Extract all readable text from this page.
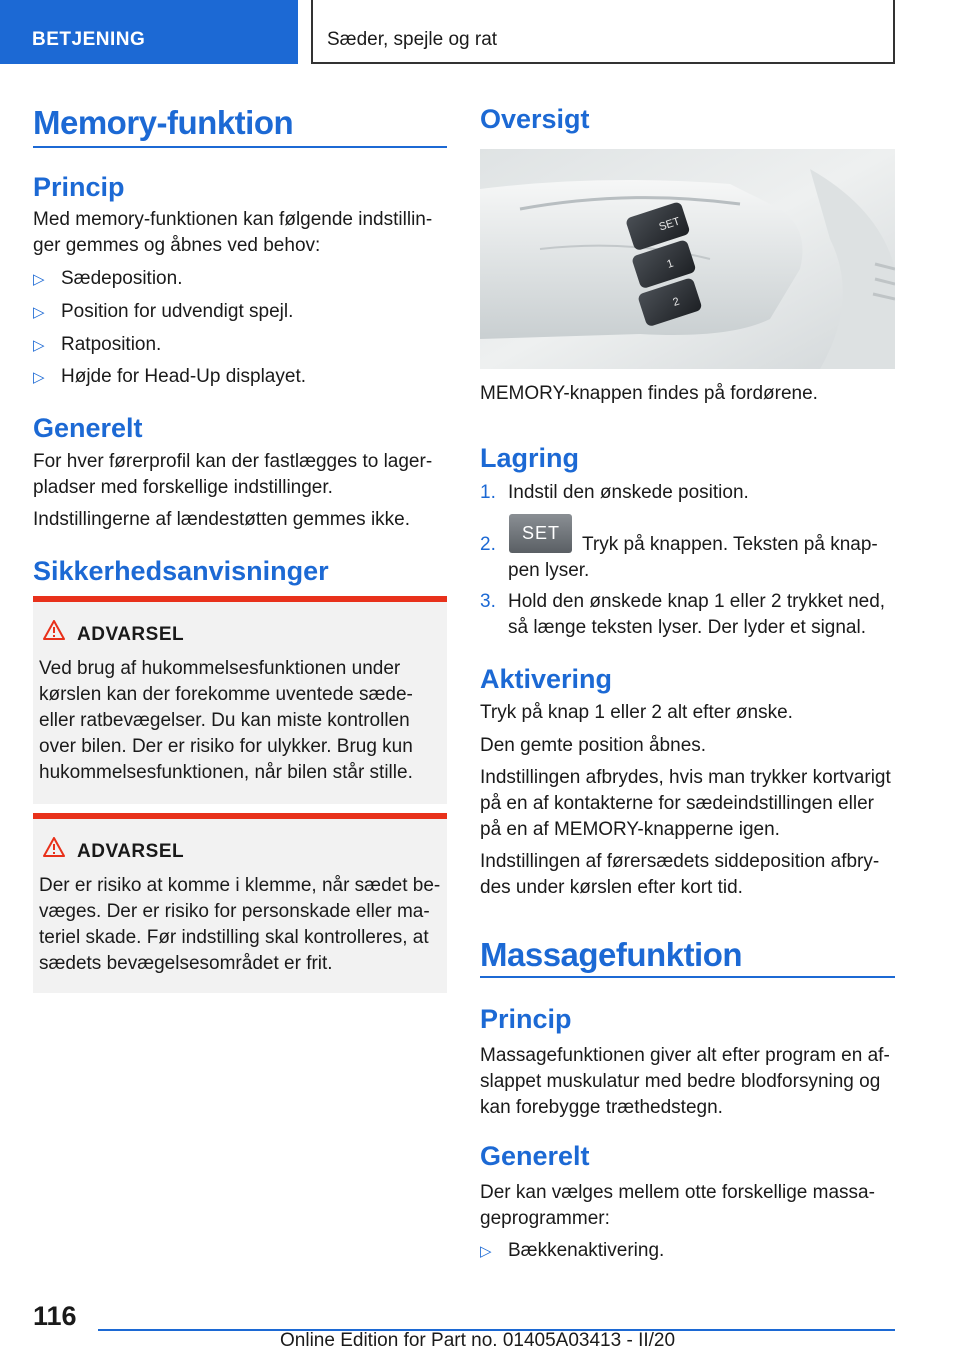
BETJENING	Sæder, spejle og rat
Memory-funktion
Princip
Med memory-funktionen kan følgende indstillin-
ger gemmes og åbnes ved behov:
▷ Sædeposition.
▷ Position for udvendigt spejl.
▷ Ratposition.
▷ Højde for Head-Up displayet.
Generelt
For hver førerprofil kan der fastlægges to lager-
pladser med forskellige indstillinger.
Indstillingerne af lændestøtten gemmes ikke.
Sikkerhedsanvisninger
ADVARSEL
Ved brug af hukommelsesfunktionen under
kørslen kan der forekomme uventede sæde-
eller ratbevægelser. Du kan miste kontrollen
over bilen. Der er risiko for ulykker. Brug kun
hukommelsesfunktionen, når bilen står stille.
ADVARSEL
Der er risiko at komme i klemme, når sædet be-
væges. Der er risiko for personskade eller ma-
teriel skade. Før indstilling skal kontrolleres, at
sædets bevægelsesområdet er frit.
Oversigt
SET
1
2
MEMORY-knappen findes på fordørene.
Lagring
1. Indstil den ønskede position.
2.
SET
Tryk på knappen. Teksten på knap-
pen lyser.
3. Hold den ønskede knap 1 eller 2 trykket ned,
så længe teksten lyser. Der lyder et signal.
Aktivering
Tryk på knap 1 eller 2 alt efter ønske.
Den gemte position åbnes.
Indstillingen afbrydes, hvis man trykker kortvarigt
på en af kontakterne for sædeindstillingen eller
på en af MEMORY-knapperne igen.
Indstillingen af førersædets siddeposition afbry-
des under kørslen efter kort tid.
Massagefunktion
Princip
Massagefunktionen giver alt efter program en af-
slappet muskulatur med bedre blodforsyning og
kan forebygge træthedstegn.
Generelt
Der kan vælges mellem otte forskellige massa-
geprogrammer:
▷ Bækkenaktivering.
116
Online Edition for Part no. 01405A03413 - II/20
